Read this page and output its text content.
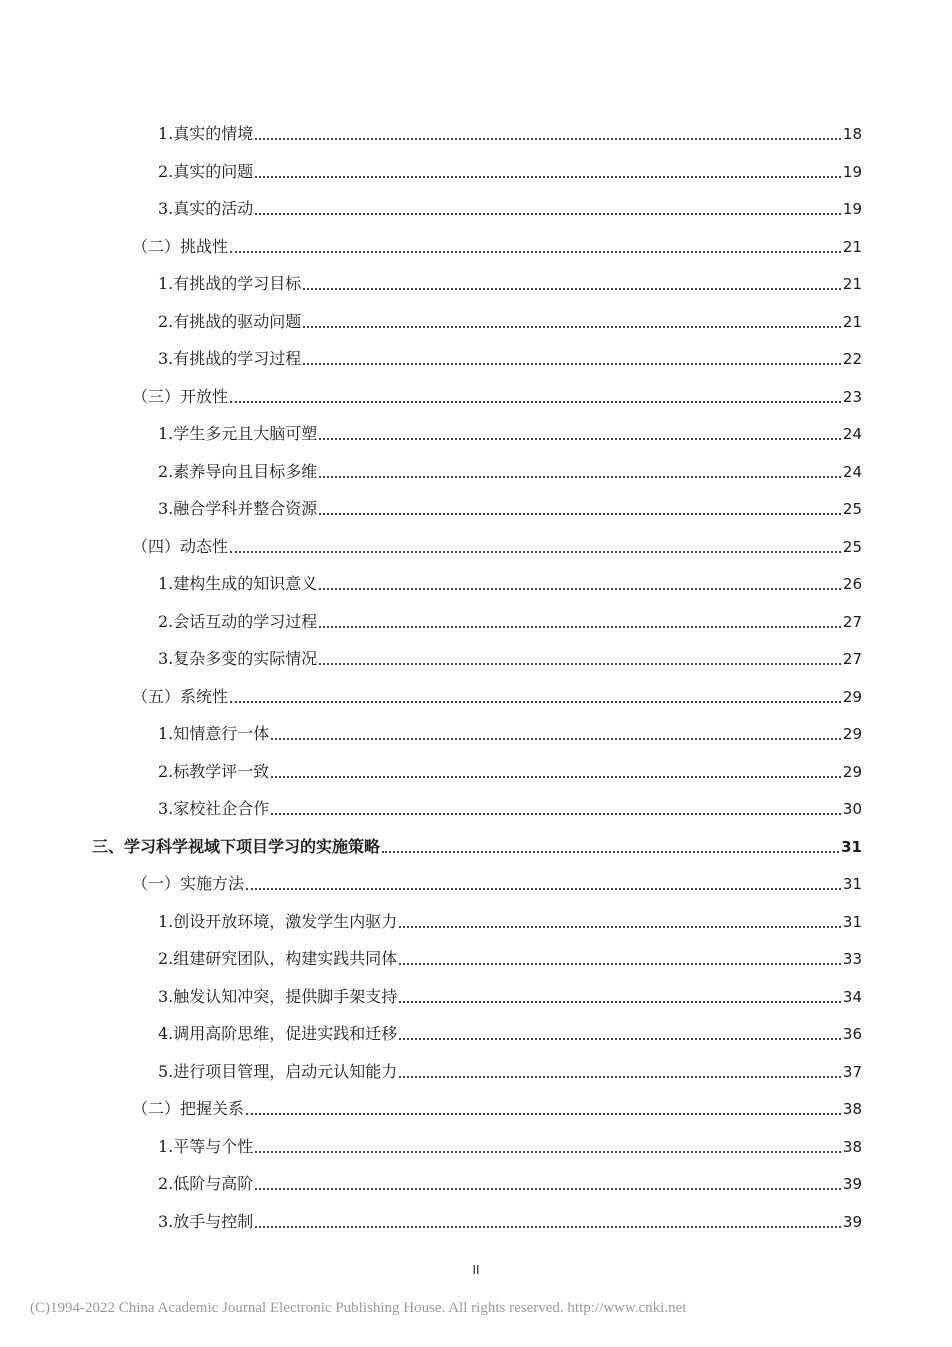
1.真实的情境	18
2.真实的问题	19
3.真实的活动	19
（二）挑战性	21
1.有挑战的学习目标	21
2.有挑战的驱动问题	21
3.有挑战的学习过程	22
（三）开放性	23
1.学生多元且大脑可塑	24
2.素养导向且目标多维	24
3.融合学科并整合资源	25
（四）动态性	25
1.建构生成的知识意义	26
2.会话互动的学习过程	27
3.复杂多变的实际情况	27
（五）系统性	29
1.知情意行一体	29
2.标教学评一致	29
3.家校社企合作	30
三、学习科学视域下项目学习的实施策略	31
（一）实施方法	31
1.创设开放环境，激发学生内驱力	31
2.组建研究团队，构建实践共同体	33
3.触发认知冲突，提供脚手架支持	34
4.调用高阶思维，促进实践和迁移	36
5.进行项目管理，启动元认知能力	37
（二）把握关系	38
1.平等与个性	38
2.低阶与高阶	39
3.放手与控制	39
II
(C)1994-2022 China Academic Journal Electronic Publishing House. All rights reserved. http://www.cnki.net
